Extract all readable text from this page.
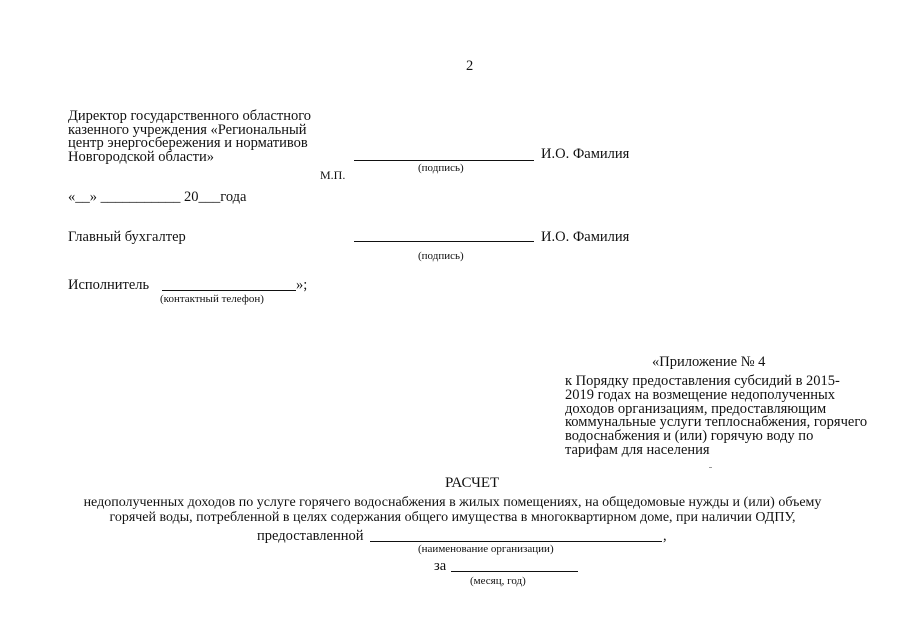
2
Директор государственного областного
казенного учреждения «Региональный
центр энергосбережения и нормативов
Новгородской области»	И.О. Фамилия
(подпись)
М.П.
«__» ___________ 20___года
Главный бухгалтер	И.О. Фамилия
(подпись)
Исполнитель	»;
(контактный телефон)
«Приложение № 4
к Порядку предоставления субсидий в 2015-
2019 годах на возмещение недополученных
доходов организациям, предоставляющим
коммунальные услуги теплоснабжения, горячего
водоснабжения и (или) горячую воду по
тарифам для населения
РАСЧЕТ
недополученных доходов по услуге горячего водоснабжения в жилых помещениях, на общедомовые нужды и (или) объему
горячей воды, потребленной в целях содержания общего имущества в многоквартирном доме, при наличии ОДПУ,
предоставленной	,
(наименование организации)
за
(месяц, год)
